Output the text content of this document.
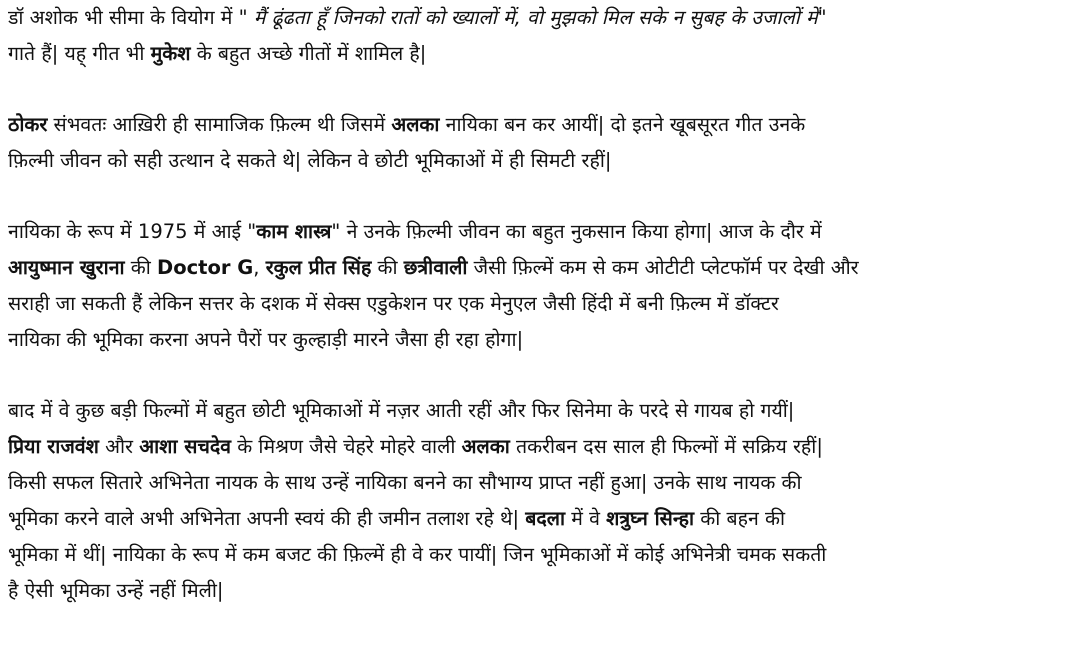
डॉ अशोक भी सीमा के वियोग में " मैं ढूंढता हूँ जिनको रातों को ख्यालों में, वो मुझको मिल सके न सुबह के उजालों में"
गाते हैं| यह् गीत भी मुकेश के बहुत अच्छे गीतों में शामिल है|
ठोकर संभवतः आख़िरी ही सामाजिक फ़िल्म थी जिसमें अलका नायिका बन कर आयीं| दो इतने खूबसूरत गीत उनके
फ़िल्मी जीवन को सही उत्थान दे सकते थे| लेकिन वे छोटी भूमिकाओं में ही सिमटी रहीं|
नायिका के रूप में 1975 में आई "काम शास्त्र" ने उनके फ़िल्मी जीवन का बहुत नुकसान किया होगा| आज के दौर में
आयुष्मान खुराना की Doctor G, रकुल प्रीत सिंह की छत्रीवाली जैसी फ़िल्में कम से कम ओटीटी प्लेटफॉर्म पर देखी और
सराही जा सकती हैं लेकिन सत्तर के दशक में सेक्स एडुकेशन पर एक मेनुएल जैसी हिंदी में बनी फ़िल्म में डॉक्टर
नायिका की भूमिका करना अपने पैरों पर कुल्हाड़ी मारने जैसा ही रहा होगा|
बाद में वे कुछ बड़ी फिल्मों में बहुत छोटी भूमिकाओं में नज़र आती रहीं और फिर सिनेमा के परदे से गायब हो गयीं|
प्रिया राजवंश और आशा सचदेव के मिश्रण जैसे चेहरे मोहरे वाली अलका तकरीबन दस साल ही फिल्मों में सक्रिय रहीं|
किसी सफल सितारे अभिनेता नायक के साथ उन्हें नायिका बनने का सौभाग्य प्राप्त नहीं हुआ| उनके साथ नायक की
भूमिका करने वाले अभी अभिनेता अपनी स्वयं की ही जमीन तलाश रहे थे| बदला में वे शत्रुघ्न सिन्हा की बहन की
भूमिका में थीं| नायिका के रूप में कम बजट की फ़िल्में ही वे कर पायीं| जिन भूमिकाओं में कोई अभिनेत्री चमक सकती
है ऐसी भूमिका उन्हें नहीं मिली|
